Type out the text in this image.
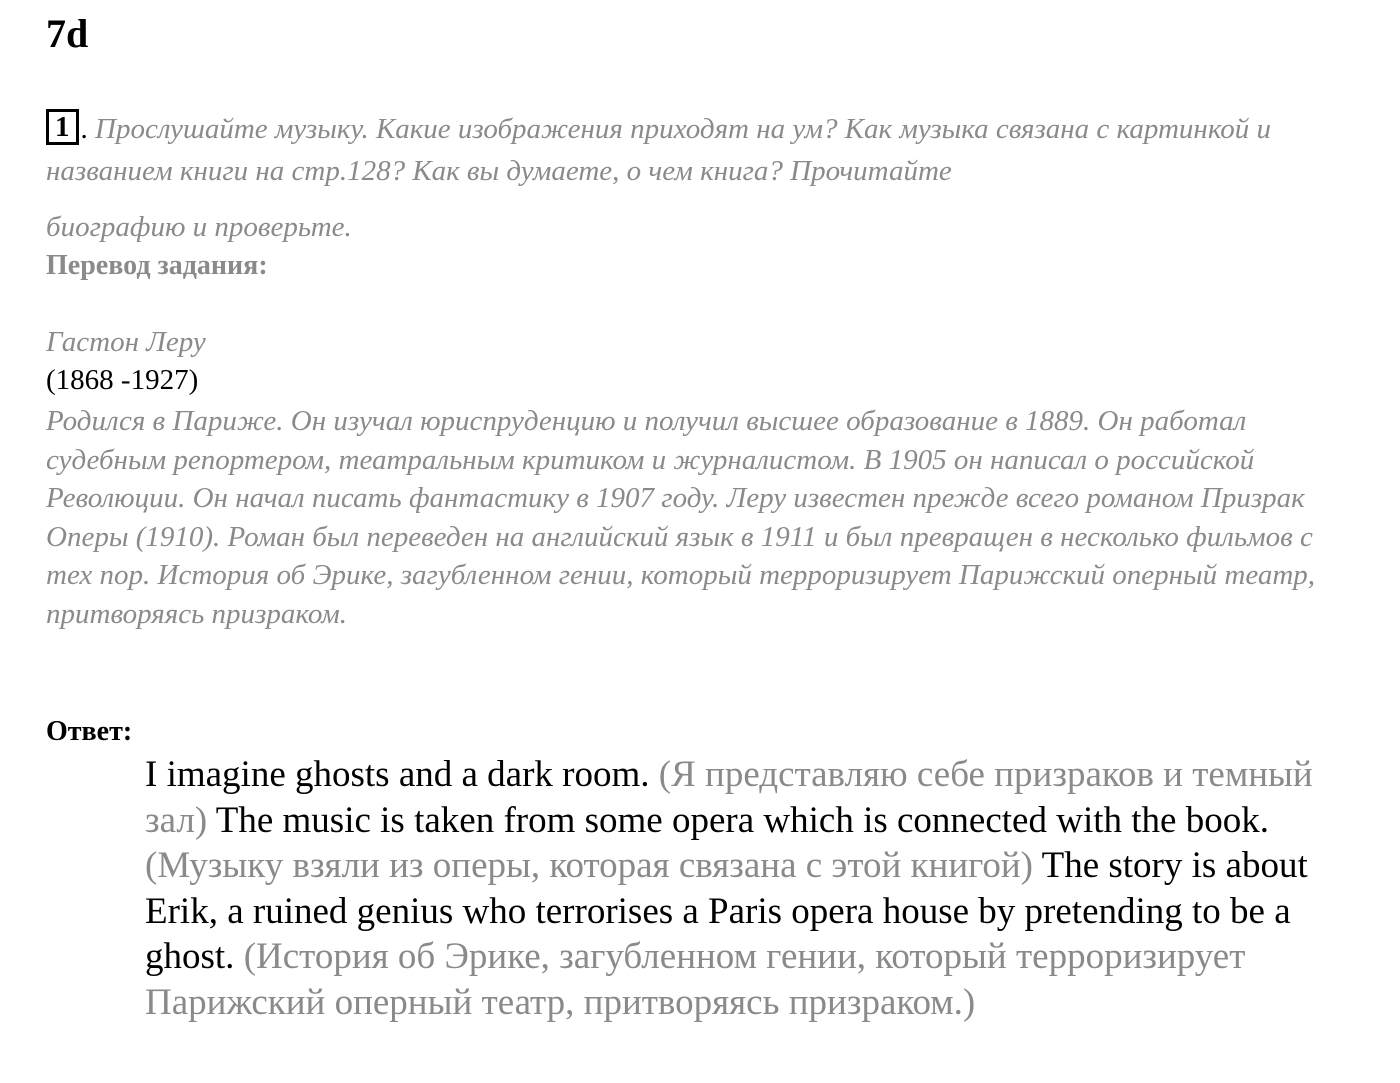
7d
1 . Прослушайте музыку. Какие изображения приходят на ум? Как музыка связана с картинкой и названием книги на стр.128? Как вы думаете, о чем книга? Прочитайте
биографию и проверьте.
Перевод задания:
Гастон Леру
(1868 -1927)
Родился в Париже. Он изучал юриспруденцию и получил высшее образование в 1889. Он работал судебным репортером, театральным критиком и журналистом. В 1905 он написал о российской Революции. Он начал писать фантастику в 1907 году. Леру известен прежде всего романом Призрак Оперы (1910). Роман был переведен на английский язык в 1911 и был превращен в несколько фильмов с тех пор. История об Эрике, загубленном гении, который терроризирует Парижский оперный театр, притворяясь призраком.
Ответ:
I imagine ghosts and a dark room. (Я представляю себе призраков и темный зал) The music is taken from some opera which is connected with the book. (Музыку взяли из оперы, которая связана с этой книгой) The story is about Erik, a ruined genius who terrorises a Paris opera house by pretending to be a ghost. (История об Эрике, загубленном гении, который терроризирует Парижский оперный театр, притворяясь призраком.)
